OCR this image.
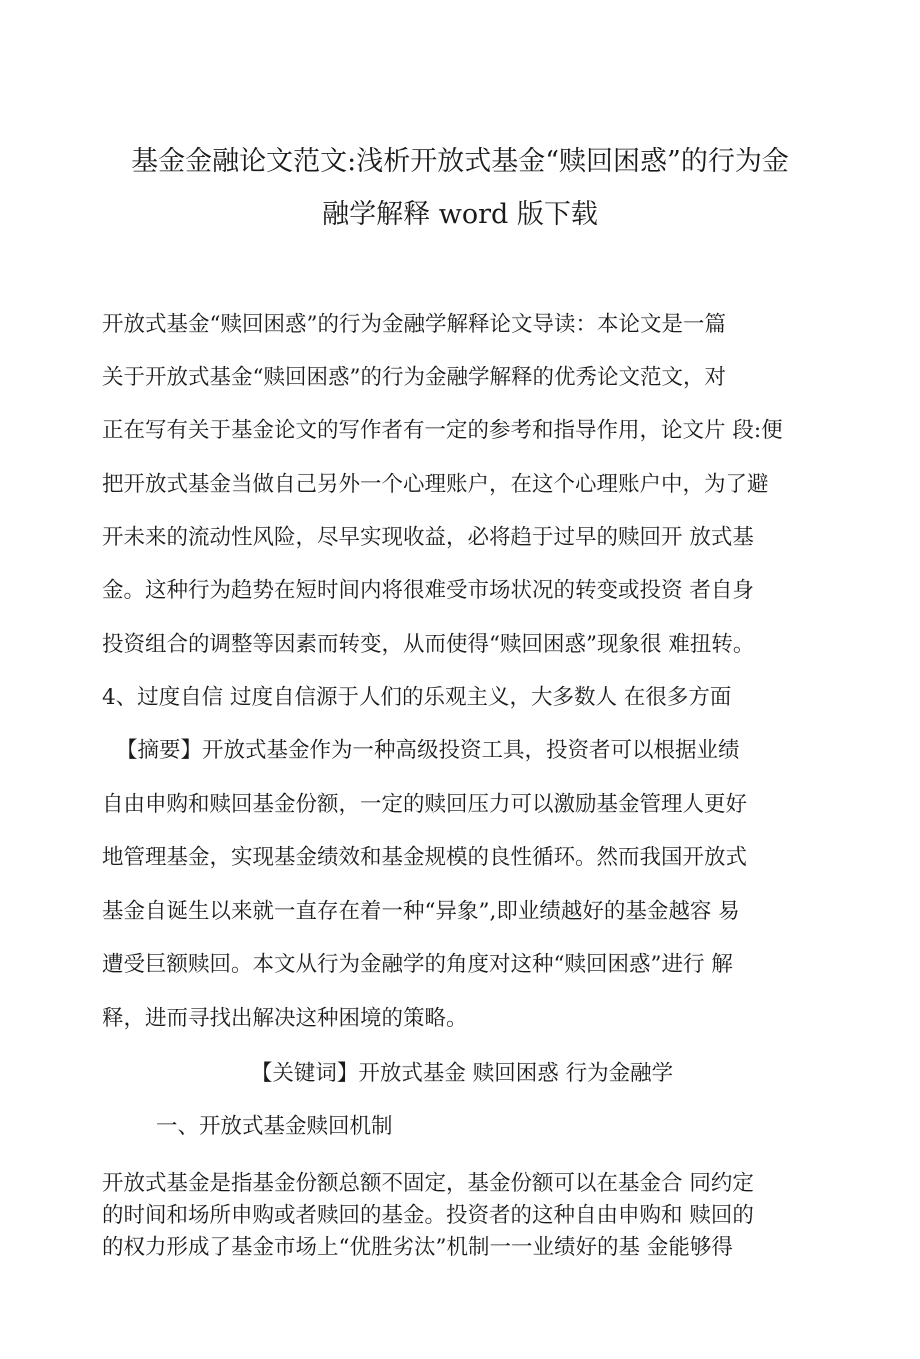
基金金融论文范文:浅析开放式基金“赎回困惑”的行为金
融学解释 word 版下载
开放式基金“赎回困惑”的行为金融学解释论文导读：本论文是一篇
关于开放式基金“赎回困惑”的行为金融学解释的优秀论文范文，对
正在写有关于基金论文的写作者有一定的参考和指导作用，论文片 段:便
把开放式基金当做自己另外一个心理账户，在这个心理账户中，为了避
开未来的流动性风险，尽早实现收益，必将趋于过早的赎回开 放式基
金。这种行为趋势在短时间内将很难受市场状况的转变或投资 者自身
投资组合的调整等因素而转变，从而使得“赎回困惑”现象很 难扭转。
4、过度自信 过度自信源于人们的乐观主义，大多数人 在很多方面
【摘要】开放式基金作为一种高级投资工具，投资者可以根据业绩
自由申购和赎回基金份额，一定的赎回压力可以激励基金管理人更好
地管理基金，实现基金绩效和基金规模的良性循环。然而我国开放式
基金自诞生以来就一直存在着一种“异象”,即业绩越好的基金越容 易
遭受巨额赎回。本文从行为金融学的角度对这种“赎回困惑”进行 解
释，进而寻找出解决这种困境的策略。
【关键词】开放式基金 赎回困惑 行为金融学
一、开放式基金赎回机制
开放式基金是指基金份额总额不固定，基金份额可以在基金合 同约定
的时间和场所申购或者赎回的基金。投资者的这种自由申购和 赎回的
的权力形成了基金市场上“优胜劣汰”机制一一业绩好的基 金能够得
